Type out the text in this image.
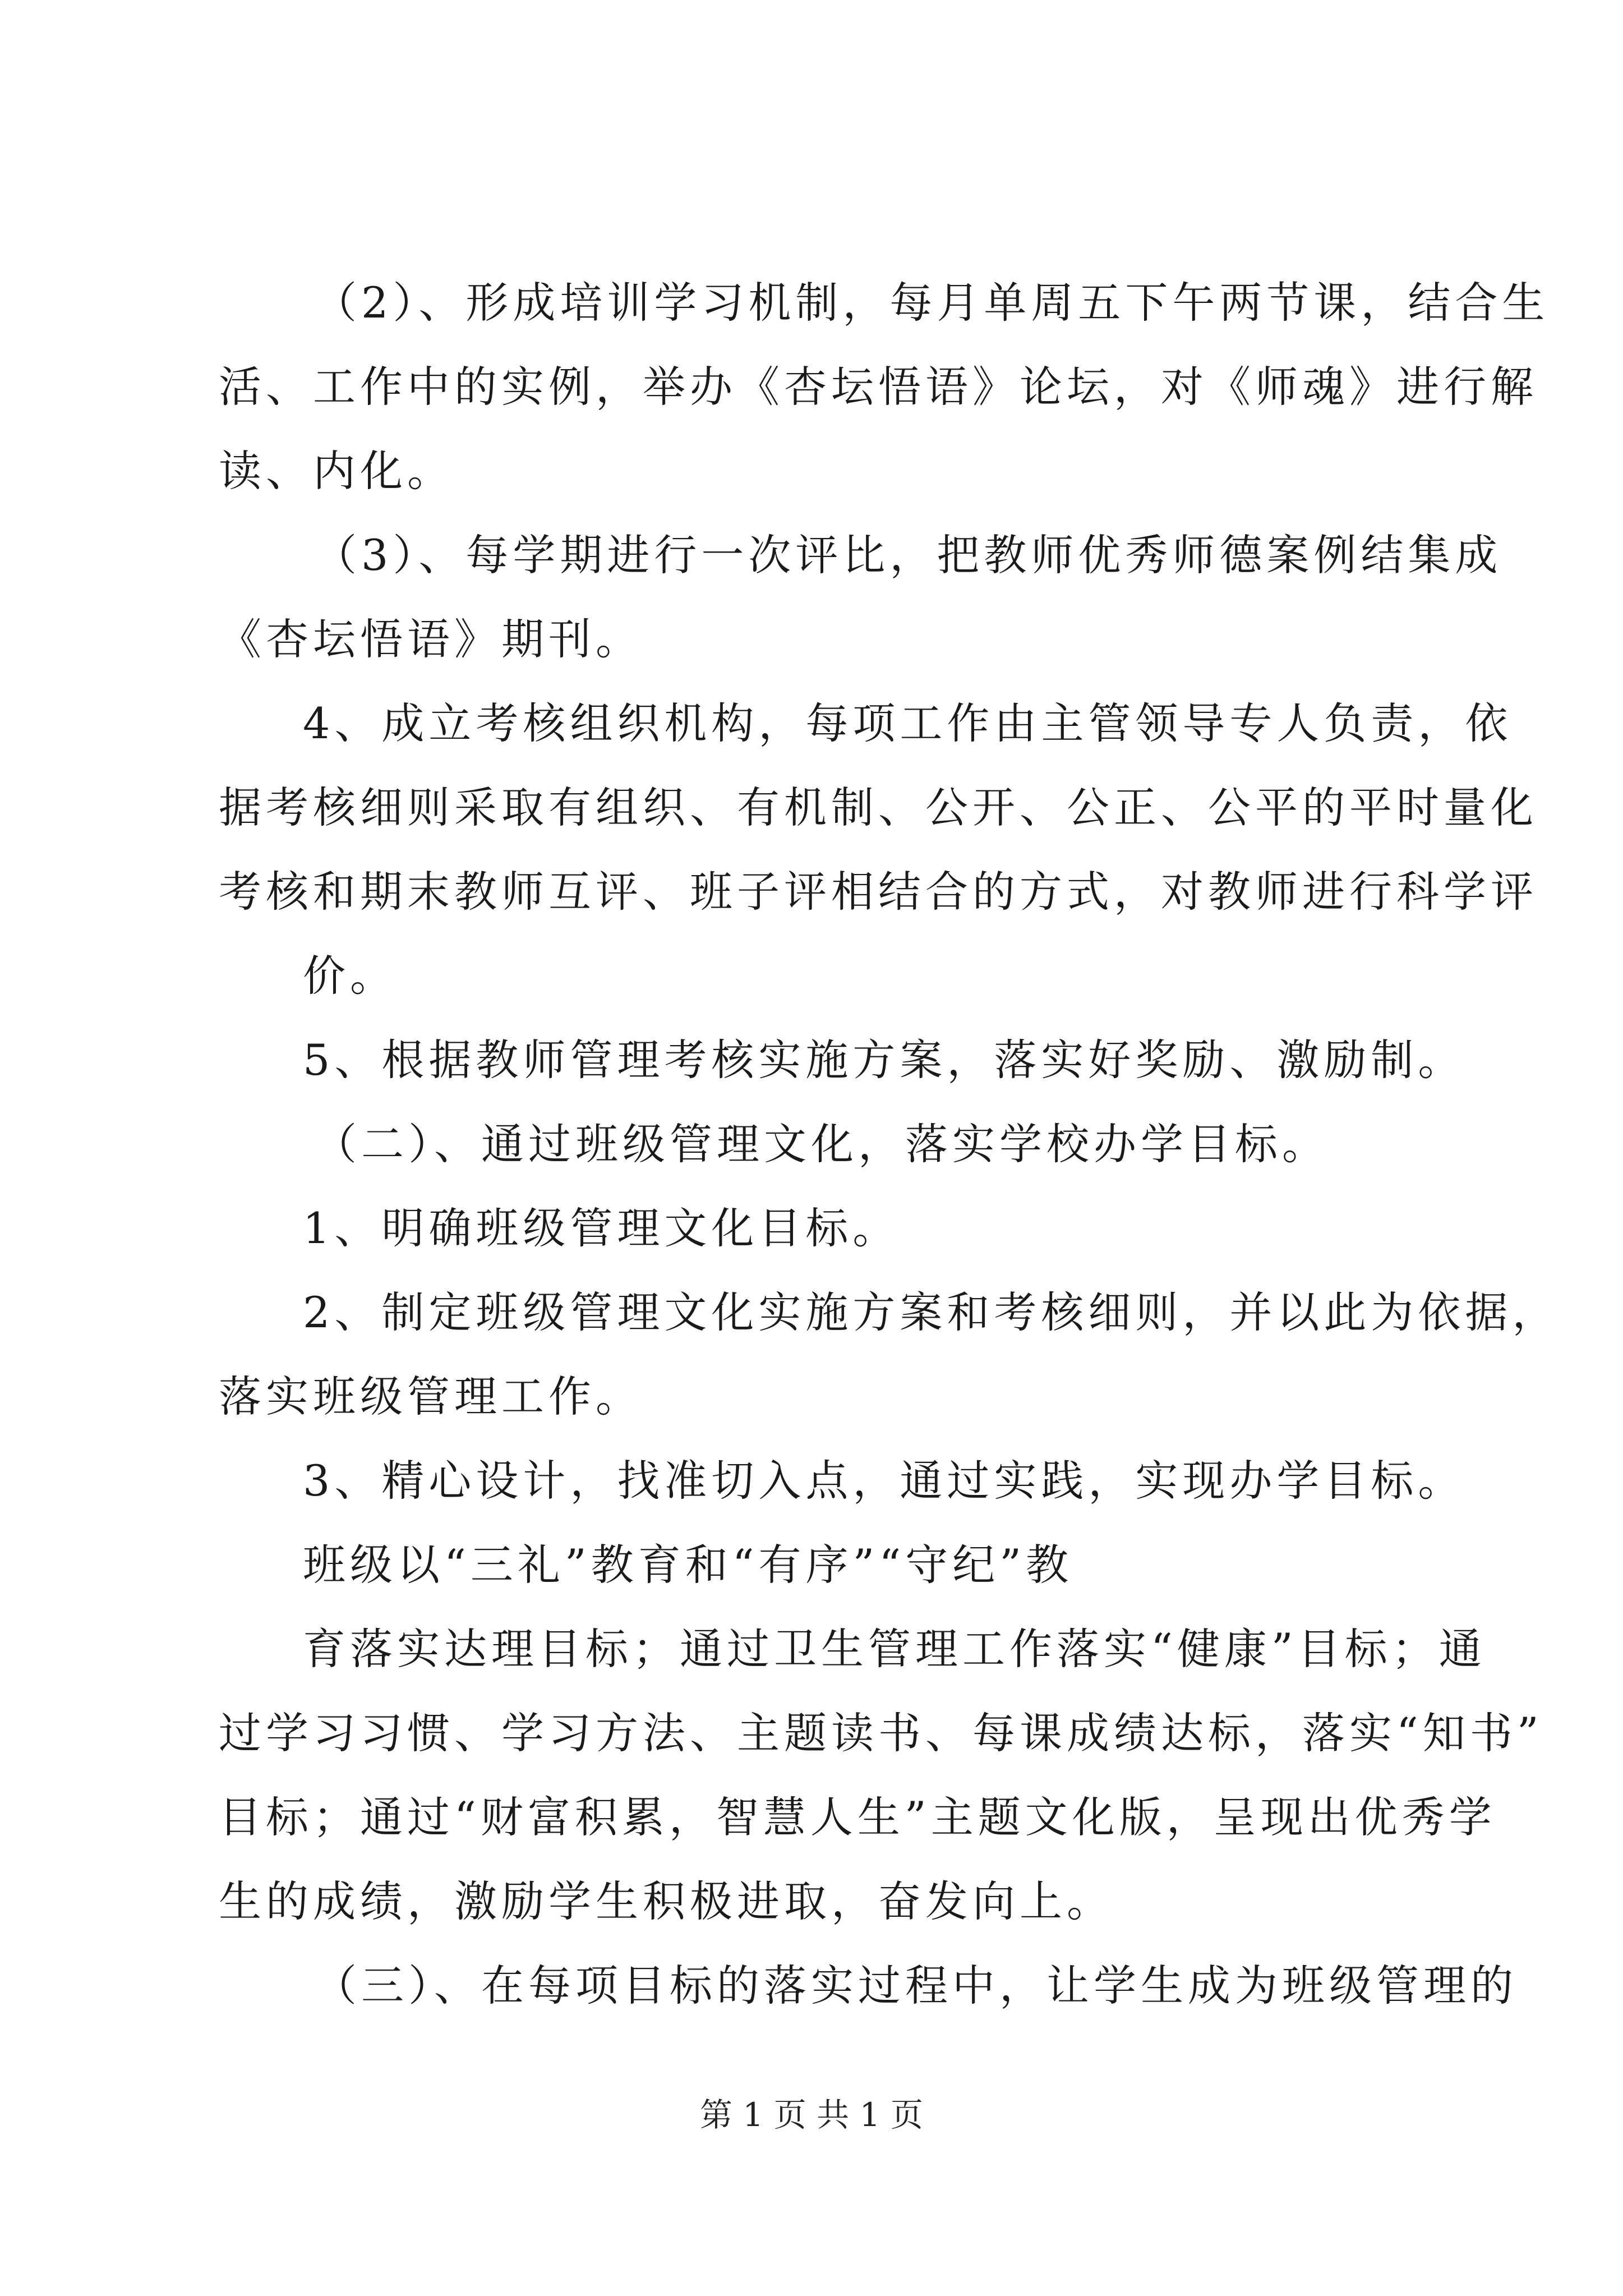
（2）、形成培训学习机制，每月单周五下午两节课，结合生
活、工作中的实例，举办《杏坛悟语》论坛，对《师魂》进行解
读、内化。
（3）、每学期进行一次评比，把教师优秀师德案例结集成
《杏坛悟语》期刊。
4、成立考核组织机构，每项工作由主管领导专人负责，依
据考核细则采取有组织、有机制、公开、公正、公平的平时量化
考核和期末教师互评、班子评相结合的方式，对教师进行科学评
价。
5、根据教师管理考核实施方案，落实好奖励、激励制。
（二）、通过班级管理文化，落实学校办学目标。
1、明确班级管理文化目标。
2、制定班级管理文化实施方案和考核细则，并以此为依据，
落实班级管理工作。
3、精心设计，找准切入点，通过实践，实现办学目标。
班级以“三礼”教育和“有序”“守纪”教
育落实达理目标；通过卫生管理工作落实“健康”目标；通
过学习习惯、学习方法、主题读书、每课成绩达标，落实“知书”
目标；通过“财富积累，智慧人生”主题文化版，呈现出优秀学
生的成绩，激励学生积极进取，奋发向上。
（三）、在每项目标的落实过程中，让学生成为班级管理的
第 1 页 共 1 页
